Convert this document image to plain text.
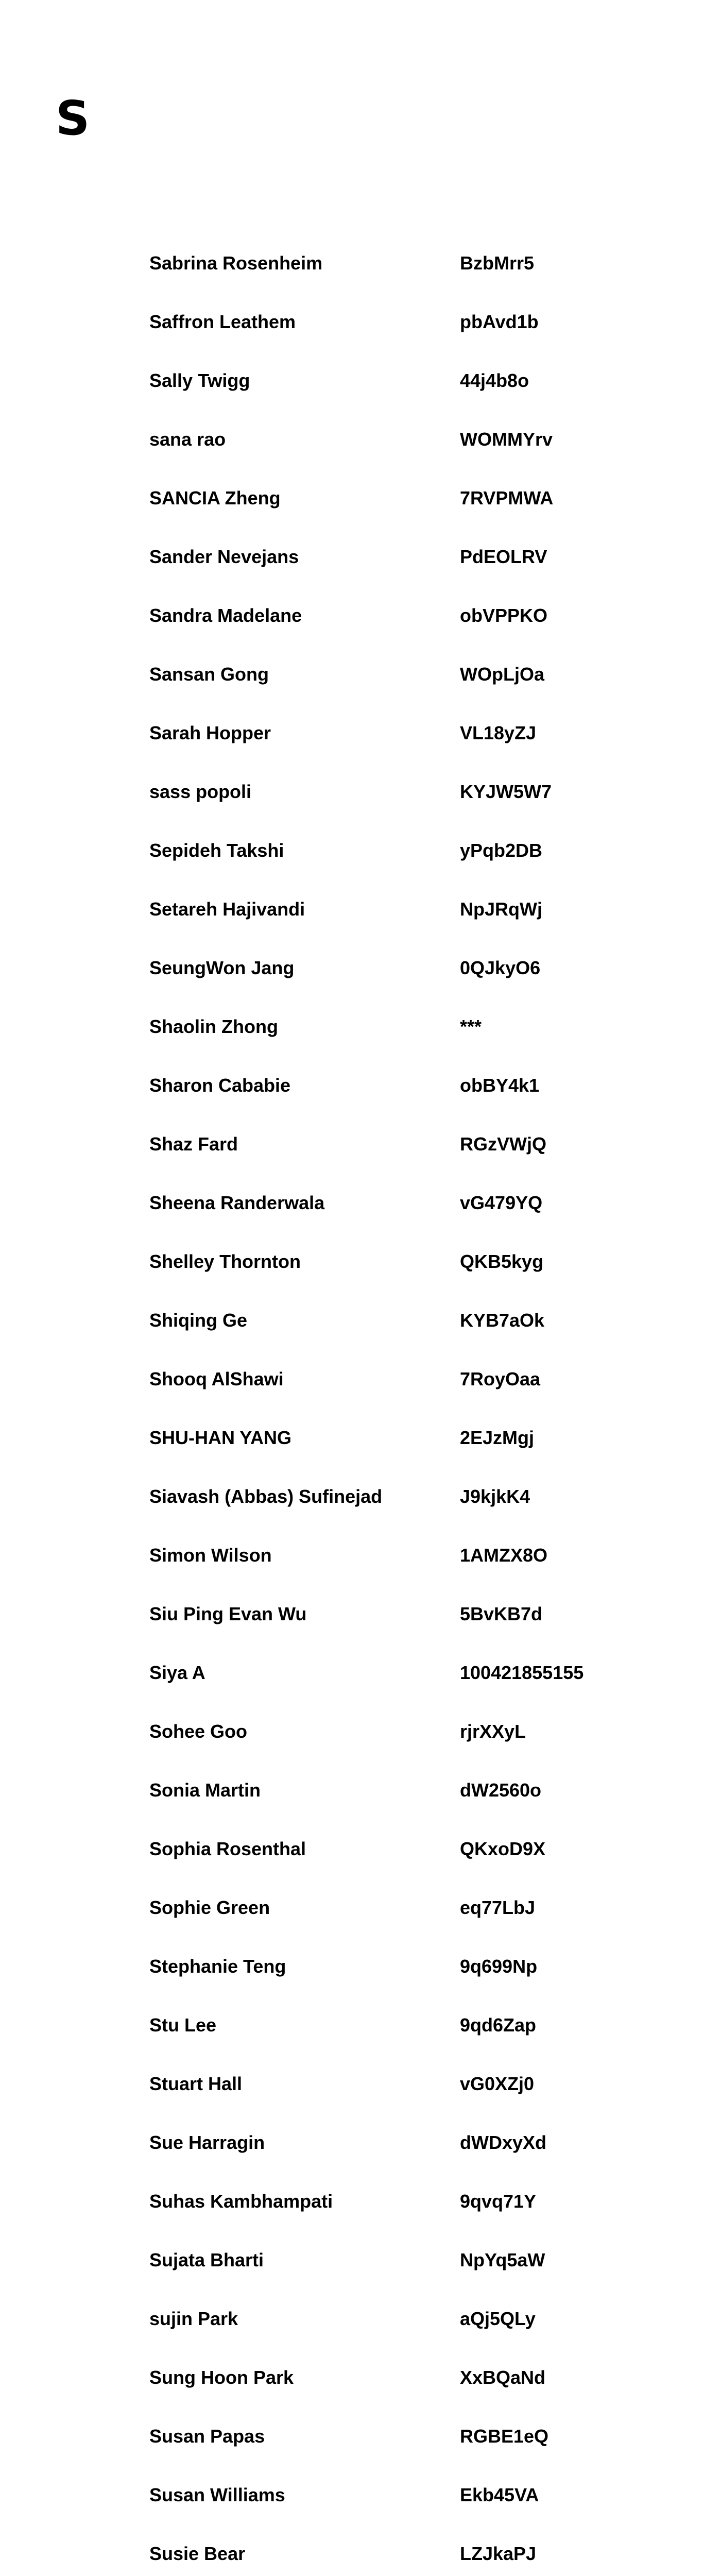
S
Sabrina Rosenheim	BzbMrr5
Saffron Leathem	pbAvd1b
Sally Twigg	44j4b8o
sana rao	WOMMYrv
SANCIA Zheng	7RVPMWA
Sander Nevejans	PdEOLRV
Sandra Madelane	obVPPKO
Sansan Gong	WOpLjOa
Sarah Hopper	VL18yZJ
sass popoli	KYJW5W7
Sepideh Takshi	yPqb2DB
Setareh Hajivandi	NpJRqWj
SeungWon Jang	0QJkyO6
Shaolin Zhong	***
Sharon Cababie	obBY4k1
Shaz Fard	RGzVWjQ
Sheena Randerwala	vG479YQ
Shelley Thornton	QKB5kyg
Shiqing Ge	KYB7aOk
Shooq AlShawi	7RoyOaa
SHU-HAN YANG	2EJzMgj
Siavash (Abbas) Sufinejad	J9kjkK4
Simon Wilson	1AMZX8O
Siu Ping Evan Wu	5BvKB7d
Siya A	100421855155
Sohee Goo	rjrXXyL
Sonia Martin	dW2560o
Sophia Rosenthal	QKxoD9X
Sophie Green	eq77LbJ
Stephanie Teng	9q699Np
Stu Lee	9qd6Zap
Stuart Hall	vG0XZj0
Sue Harragin	dWDxyXd
Suhas Kambhampati	9qvq71Y
Sujata Bharti	NpYq5aW
sujin Park	aQj5QLy
Sung Hoon Park	XxBQaNd
Susan Papas	RGBE1eQ
Susan Williams	Ekb45VA
Susie Bear	LZJkaPJ
